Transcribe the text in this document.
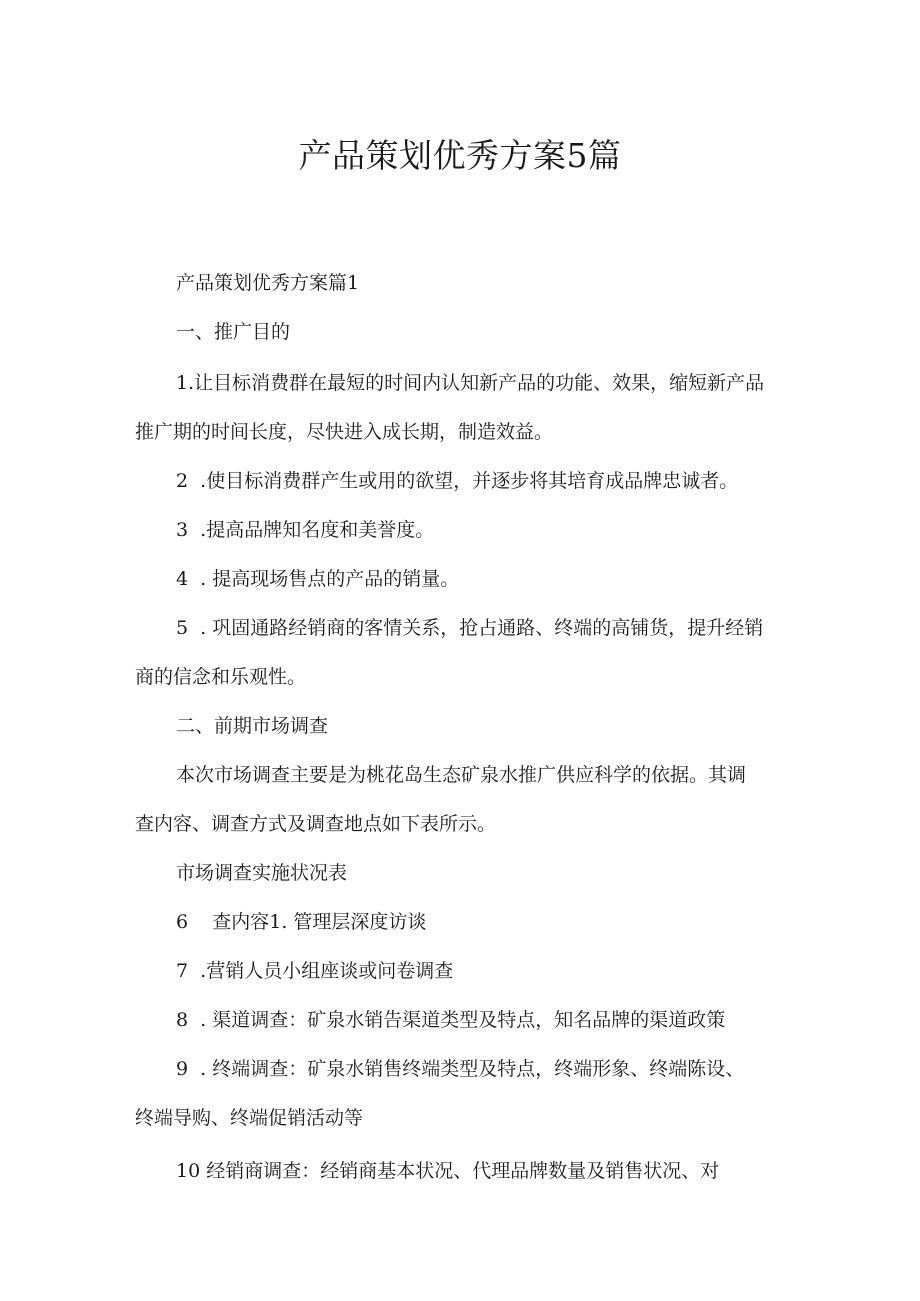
产品策划优秀方案5篇

产品策划优秀方案篇1

一、推广目的

1.让目标消费群在最短的时间内认知新产品的功能、效果，缩短新产品

推广期的时间长度，尽快进入成长期，制造效益。

2  .使目标消费群产生或用的欲望，并逐步将其培育成品牌忠诚者。

3  .提高品牌知名度和美誉度。

4  . 提高现场售点的产品的销量。

5  . 巩固通路经销商的客情关系，抢占通路、终端的高铺货，提升经销

商的信念和乐观性。

二、前期市场调查

本次市场调查主要是为桃花岛生态矿泉水推广供应科学的依据。其调

查内容、调查方式及调查地点如下表所示。

市场调查实施状况表

6    查内容1. 管理层深度访谈

7  .营销人员小组座谈或问卷调查

8  . 渠道调查：矿泉水销告渠道类型及特点，知名品牌的渠道政策

9  . 终端调查：矿泉水销售终端类型及特点，终端形象、终端陈设、

终端导购、终端促销活动等

10 经销商调查：经销商基本状况、代理品牌数量及销售状况、对
